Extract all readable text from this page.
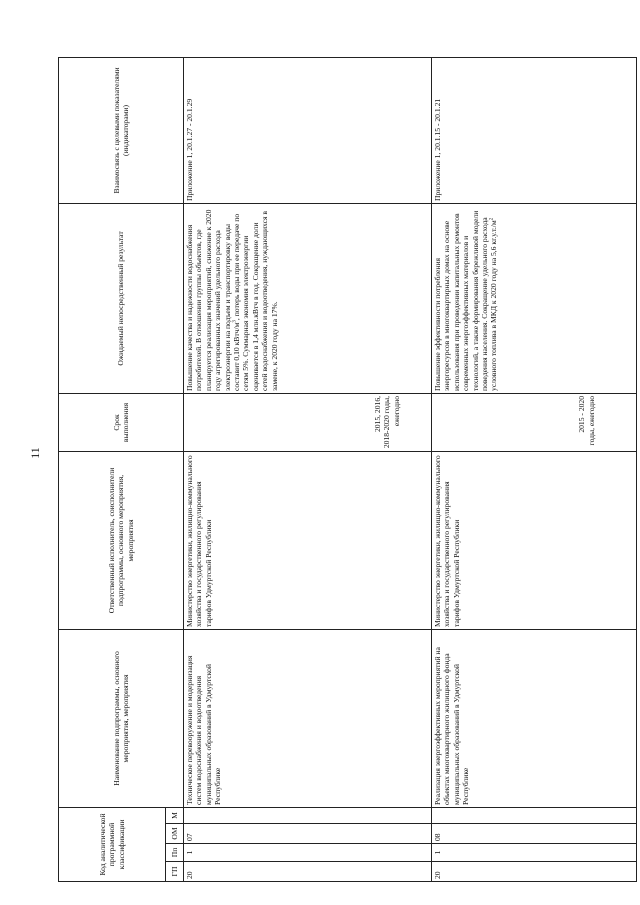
11
Код аналитической программной классификации				Наименование подпрограммы, основного мероприятия, мероприятия	Ответственный исполнитель, соисполнители подпрограммы, основного мероприятия, мероприятия	Срок выполнения	Ожидаемый непосредственный результат	Взаимосвязь с целевыми показателями (индикаторами)
ГП	Пп	ОМ	М					
20	1	07		Техническое перевооружение и модернизация систем водоснабжения и водоотведения муниципальных образований в Удмуртской Республике	Министерство энергетики, жилищно-коммунального хозяйства и государственного регулирования тарифов Удмуртской Республики	2015, 2016, 2018-2020 годы, ежегодно	Повышение качества и надежности водоснабжения потребителей. В отношении группы объектов, где планируется реализация мероприятий, снижение к 2020 году агрегированных значений удельного расхода электроэнергии на подъем и транспортировку воды составит 0,10 кВтч/$м^3$, потерь воды при ее передаче по сетям 5%. Суммарная экономия электроэнергии оценивается в 1,4 млн.кВтч в год. Сокращение доли сетей водоснабжения и водоотведения, нуждающихся в замене, к 2020 году на 17%.	Приложение 1, 20.1.27 - 20.1.29
20	1	08		Реализация энергоэффективных мероприятий на объектах многоквартирного жилищного фонда муниципальных образований в Удмуртской Республике	Министерство энергетики, жилищно-коммунального хозяйства и государственного регулирования тарифов Удмуртской Республики	2015 - 2020 годы, ежегодно	Повышение эффективности потребления энергоресурсов в многоквартирных домах на основе использования при проведении капитальных ремонтов современных энергоэффективных материалов и технологий, а также формирования бережливой модели поведения населения. Сокращение удельного расхода условного топлива в МКД к 2020 году на 5,6 $кг.у.т./м^2$	Приложение 1, 20.1.15 - 20.1.21
